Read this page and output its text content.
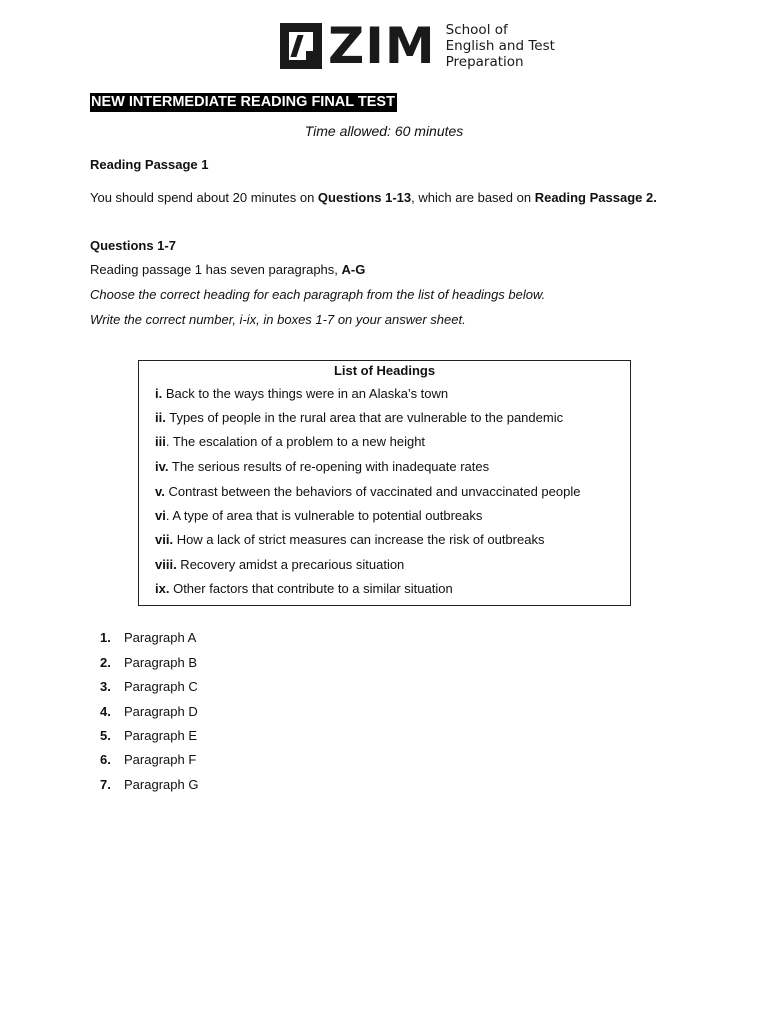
ZIM School of
English and Test
Preparation
NEW INTERMEDIATE READING FINAL TEST
Time allowed: 60 minutes
Reading Passage 1
You should spend about 20 minutes on Questions 1-13, which are based on Reading Passage 2.
Questions 1-7
Reading passage 1 has seven paragraphs, A-G
Choose the correct heading for each paragraph from the list of headings below.
Write the correct number, i-ix, in boxes 1-7 on your answer sheet.
List of Headings
i. Back to the ways things were in an Alaska’s town
ii. Types of people in the rural area that are vulnerable to the pandemic
iii. The escalation of a problem to a new height
iv. The serious results of re-opening with inadequate rates
v. Contrast between the behaviors of vaccinated and unvaccinated people
vi. A type of area that is vulnerable to potential outbreaks
vii. How a lack of strict measures can increase the risk of outbreaks
viii. Recovery amidst a precarious situation
ix. Other factors that contribute to a similar situation
1. Paragraph A
2. Paragraph B
3. Paragraph C
4. Paragraph D
5. Paragraph E
6. Paragraph F
7. Paragraph G
